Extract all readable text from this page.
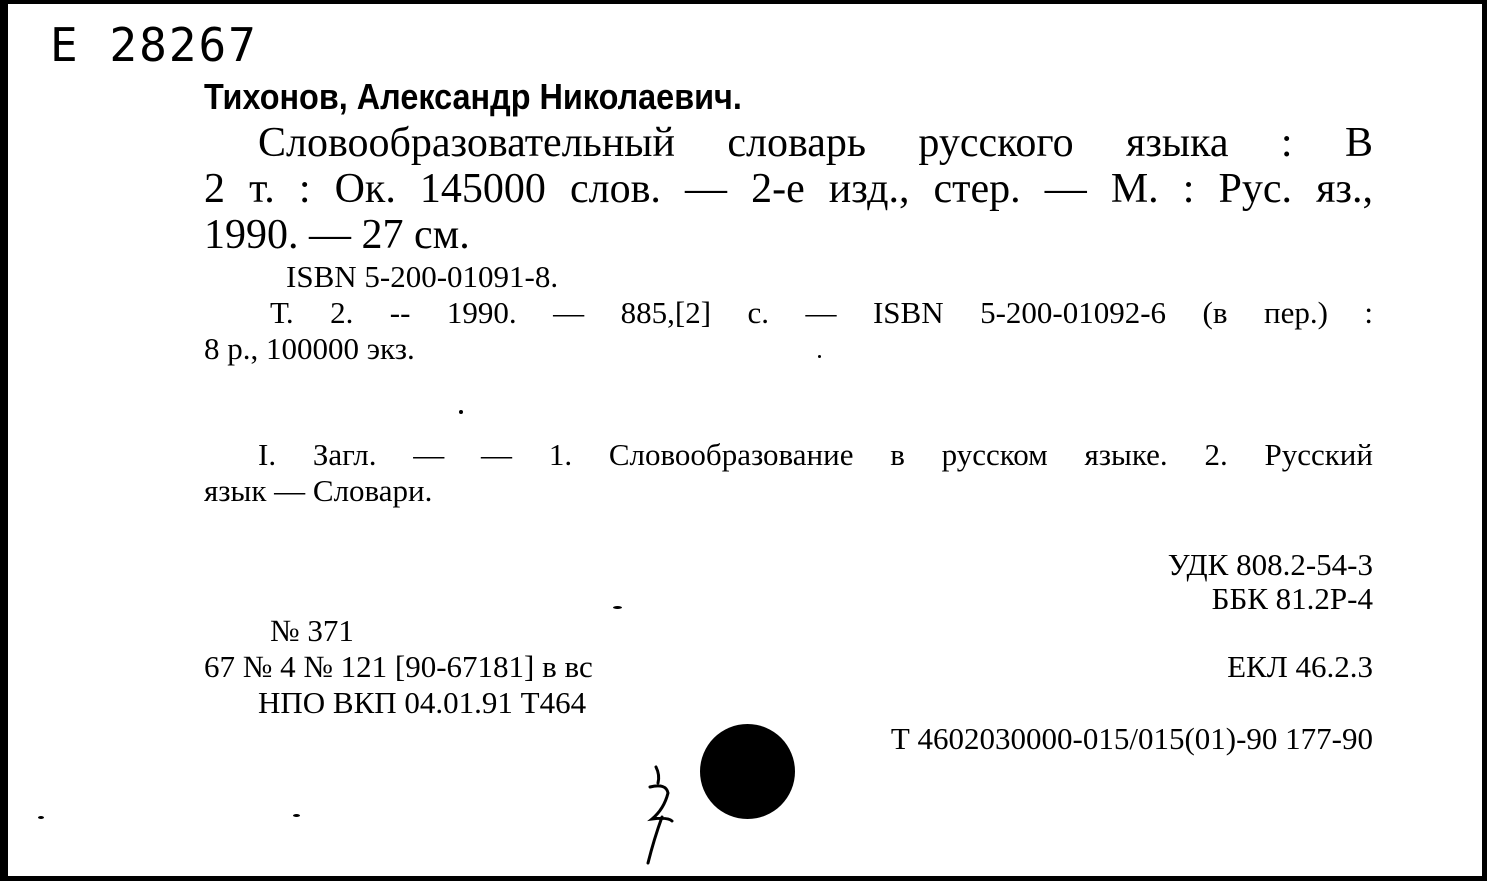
Е 28267
Тихонов, Александр Николаевич.
Словообразовательный словарь русского языка : В
2 т. : Ок. 145000 слов. — 2-е изд., стер. — М. : Рус. яз.,
1990. — 27 см.
ISBN 5-200-01091-8.
Т. 2. -- 1990. — 885,[2] с. — ISBN 5-200-01092-6 (в пер.) :
8 р., 100000 экз.
I. Загл. — — 1. Словообразование в русском языке. 2. Русский
язык — Словари.
УДК 808.2-54-3
ББК 81.2Р-4
№ 371
67 № 4 № 121 [90-67181] в вс
НПО ВКП 04.01.91 Т464
ЕКЛ 46.2.3
Т 4602030000-015/015(01)-90 177-90
